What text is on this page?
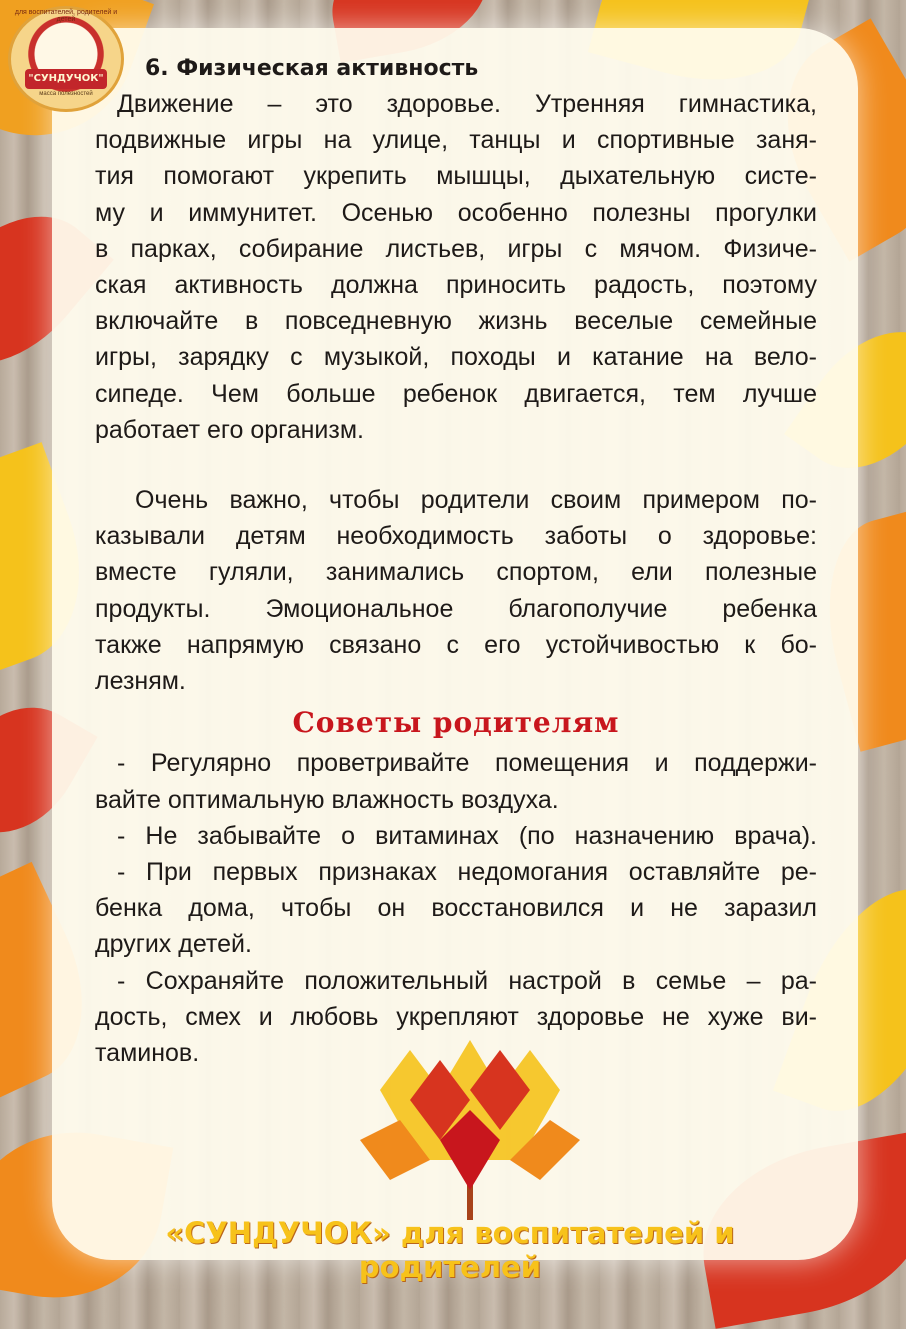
для воспитателей, родителей и детей
"СУНДУЧОК"
масса полезностей
6. Физическая активность
Движение – это здоровье. Утренняя гимнастика,
подвижные игры на улице, танцы и спортивные заня-
тия помогают укрепить мышцы, дыхательную систе-
му и иммунитет. Осенью особенно полезны прогулки
в парках, собирание листьев, игры с мячом. Физиче-
ская активность должна приносить радость, поэтому
включайте в повседневную жизнь веселые семейные
игры, зарядку с музыкой, походы и катание на вело-
сипеде. Чем больше ребенок двигается, тем лучше
работает его организм.
Очень важно, чтобы родители своим примером по-
казывали детям необходимость заботы о здоровье:
вместе гуляли, занимались спортом, ели полезные
продукты. Эмоциональное благополучие ребенка
также напрямую связано с его устойчивостью к бо-
лезням.
Советы родителям
- Регулярно проветривайте помещения и поддержи-
вайте оптимальную влажность воздуха.
- Не забывайте о витаминах (по назначению врача).
- При первых признаках недомогания оставляйте ре-
бенка дома, чтобы он восстановился и не заразил
других детей.
- Сохраняйте положительный настрой в семье – ра-
дость, смех и любовь укрепляют здоровье не хуже ви-
таминов.
«СУНДУЧОК» для воспитателей и родителей
